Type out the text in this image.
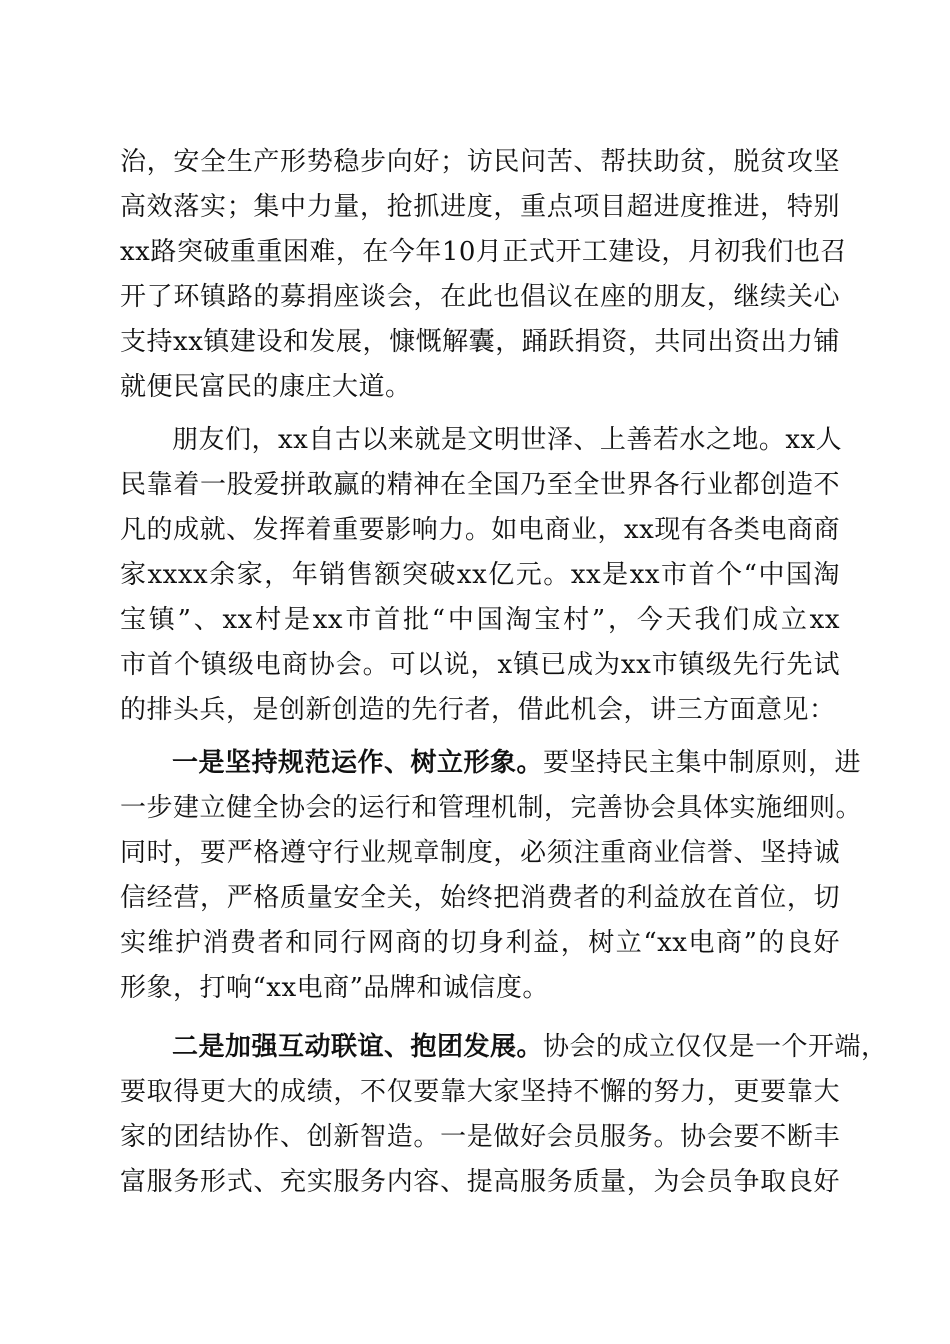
治，安全生产形势稳步向好；访民问苦、帮扶助贫，脱贫攻坚
高效落实；集中力量，抢抓进度，重点项目超进度推进，特别
xx路突破重重困难，在今年10月正式开工建设，月初我们也召
开了环镇路的募捐座谈会，在此也倡议在座的朋友，继续关心
支持xx镇建设和发展，慷慨解囊，踊跃捐资，共同出资出力铺
就便民富民的康庄大道。
朋友们，xx自古以来就是文明世泽、上善若水之地。xx人
民靠着一股爱拼敢赢的精神在全国乃至全世界各行业都创造不
凡的成就、发挥着重要影响力。如电商业，xx现有各类电商商
家xxxx余家，年销售额突破xx亿元。xx是xx市首个“中国淘
宝镇”、xx村是xx市首批“中国淘宝村”，今天我们成立xx
市首个镇级电商协会。可以说，x镇已成为xx市镇级先行先试
的排头兵，是创新创造的先行者，借此机会，讲三方面意见：
一是坚持规范运作、树立形象。要坚持民主集中制原则，进
一步建立健全协会的运行和管理机制，完善协会具体实施细则。
同时，要严格遵守行业规章制度，必须注重商业信誉、坚持诚
信经营，严格质量安全关，始终把消费者的利益放在首位，切
实维护消费者和同行网商的切身利益，树立“xx电商”的良好
形象，打响“xx电商”品牌和诚信度。
二是加强互动联谊、抱团发展。协会的成立仅仅是一个开端，
要取得更大的成绩，不仅要靠大家坚持不懈的努力，更要靠大
家的团结协作、创新智造。一是做好会员服务。协会要不断丰
富服务形式、充实服务内容、提高服务质量，为会员争取良好
